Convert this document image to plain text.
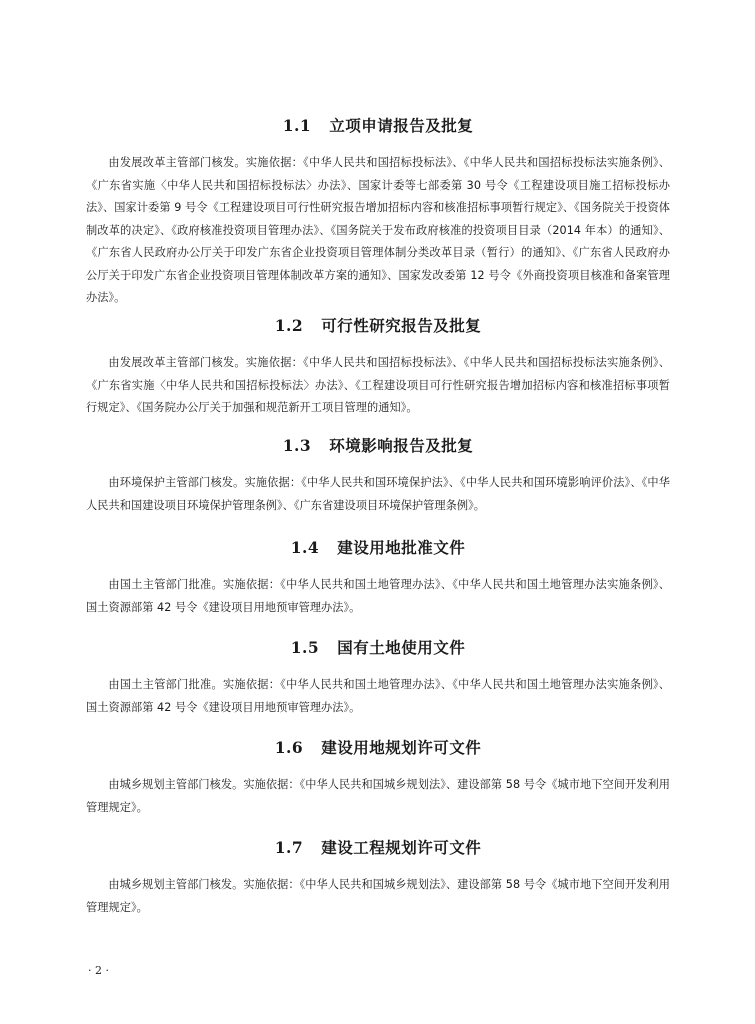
1.1 立项申请报告及批复

由发展改革主管部门核发。实施依据：《中华人民共和国招标投标法》、《中华人民共和国招标投标法实施条例》、《广东省实施〈中华人民共和国招标投标法〉办法》、国家计委等七部委第 30 号令《工程建设项目施工招标投标办法》、国家计委第 9 号令《工程建设项目可行性研究报告增加招标内容和核准招标事项暂行规定》、《国务院关于投资体制改革的决定》、《政府核准投资项目管理办法》、《国务院关于发布政府核准的投资项目目录（2014 年本）的通知》、《广东省人民政府办公厅关于印发广东省企业投资项目管理体制分类改革目录（暂行）的通知》、《广东省人民政府办公厅关于印发广东省企业投资项目管理体制改革方案的通知》、国家发改委第 12 号令《外商投资项目核准和备案管理办法》。

1.2 可行性研究报告及批复

由发展改革主管部门核发。实施依据：《中华人民共和国招标投标法》、《中华人民共和国招标投标法实施条例》、《广东省实施〈中华人民共和国招标投标法〉办法》、《工程建设项目可行性研究报告增加招标内容和核准招标事项暂行规定》、《国务院办公厅关于加强和规范新开工项目管理的通知》。

1.3 环境影响报告及批复

由环境保护主管部门核发。实施依据：《中华人民共和国环境保护法》、《中华人民共和国环境影响评价法》、《中华人民共和国建设项目环境保护管理条例》、《广东省建设项目环境保护管理条例》。

1.4 建设用地批准文件

由国土主管部门批准。实施依据：《中华人民共和国土地管理办法》、《中华人民共和国土地管理办法实施条例》、国土资源部第 42 号令《建设项目用地预审管理办法》。

1.5 国有土地使用文件

由国土主管部门批准。实施依据：《中华人民共和国土地管理办法》、《中华人民共和国土地管理办法实施条例》、国土资源部第 42 号令《建设项目用地预审管理办法》。

1.6 建设用地规划许可文件

由城乡规划主管部门核发。实施依据：《中华人民共和国城乡规划法》、建设部第 58 号令《城市地下空间开发利用管理规定》。

1.7 建设工程规划许可文件

由城乡规划主管部门核发。实施依据：《中华人民共和国城乡规划法》、建设部第 58 号令《城市地下空间开发利用管理规定》。

· 2 ·
